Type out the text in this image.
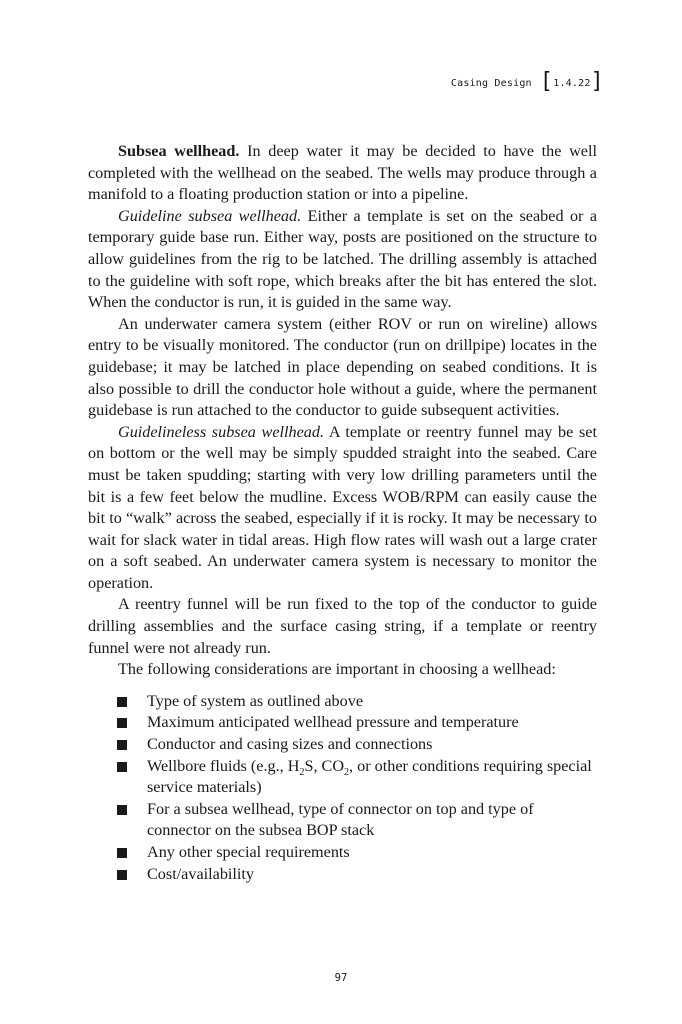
Casing Design [ 1.4.22 ]

Subsea wellhead. In deep water it may be decided to have the well completed with the wellhead on the seabed. The wells may produce through a manifold to a floating production station or into a pipeline.

Guideline subsea wellhead. Either a template is set on the seabed or a temporary guide base run. Either way, posts are positioned on the structure to allow guidelines from the rig to be latched. The drilling assembly is attached to the guideline with soft rope, which breaks after the bit has entered the slot. When the conductor is run, it is guided in the same way.

An underwater camera system (either ROV or run on wireline) allows entry to be visually monitored. The conductor (run on drillpipe) locates in the guidebase; it may be latched in place depending on seabed conditions. It is also possible to drill the conductor hole without a guide, where the permanent guidebase is run attached to the conductor to guide subsequent activities.

Guidelineless subsea wellhead. A template or reentry funnel may be set on bottom or the well may be simply spudded straight into the seabed. Care must be taken spudding; starting with very low drilling parameters until the bit is a few feet below the mudline. Excess WOB/RPM can easily cause the bit to “walk” across the seabed, especially if it is rocky. It may be necessary to wait for slack water in tidal areas. High flow rates will wash out a large crater on a soft seabed. An underwater camera system is necessary to monitor the operation.

A reentry funnel will be run fixed to the top of the conductor to guide drilling assemblies and the surface casing string, if a template or reentry funnel were not already run.

The following considerations are important in choosing a wellhead:

Type of system as outlined above
Maximum anticipated wellhead pressure and temperature
Conductor and casing sizes and connections
Wellbore fluids (e.g., $H_2S$, $CO_2$, or other conditions requiring special service materials)
For a subsea wellhead, type of connector on top and type of connector on the subsea BOP stack
Any other special requirements
Cost/availability
97
